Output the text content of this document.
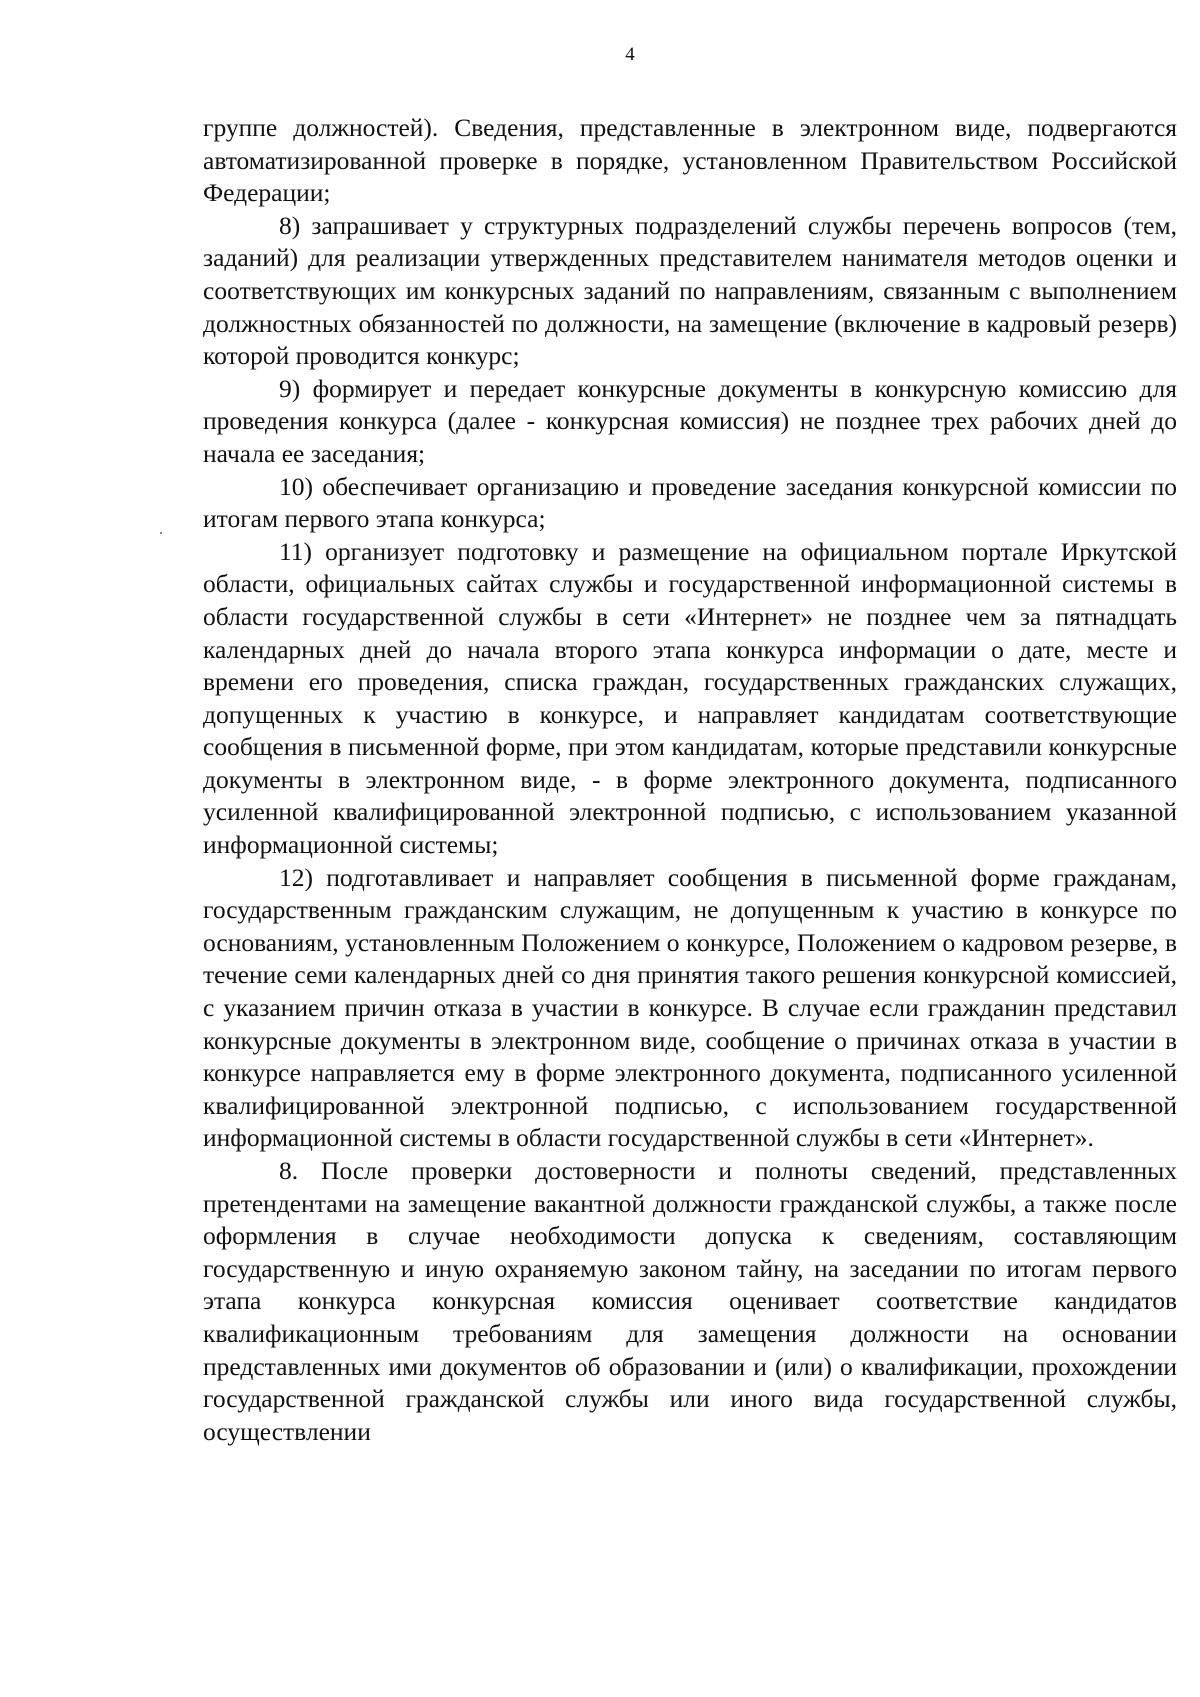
4

группе должностей). Сведения, представленные в электронном виде, подвергаются автоматизированной проверке в порядке, установленном Правительством Российской Федерации;

8) запрашивает у структурных подразделений службы перечень вопросов (тем, заданий) для реализации утвержденных представителем нанимателя методов оценки и соответствующих им конкурсных заданий по направлениям, связанным с выполнением должностных обязанностей по должности, на замещение (включение в кадровый резерв) которой проводится конкурс;

9) формирует и передает конкурсные документы в конкурсную комиссию для проведения конкурса (далее - конкурсная комиссия) не позднее трех рабочих дней до начала ее заседания;

10) обеспечивает организацию и проведение заседания конкурсной комиссии по итогам первого этапа конкурса;

11) организует подготовку и размещение на официальном портале Иркутской области, официальных сайтах службы и государственной информационной системы в области государственной службы в сети «Интернет» не позднее чем за пятнадцать календарных дней до начала второго этапа конкурса информации о дате, месте и времени его проведения, списка граждан, государственных гражданских служащих, допущенных к участию в конкурсе, и направляет кандидатам соответствующие сообщения в письменной форме, при этом кандидатам, которые представили конкурсные документы в электронном виде, - в форме электронного документа, подписанного усиленной квалифицированной электронной подписью, с использованием указанной информационной системы;

12) подготавливает и направляет сообщения в письменной форме гражданам, государственным гражданским служащим, не допущенным к участию в конкурсе по основаниям, установленным Положением о конкурсе, Положением о кадровом резерве, в течение семи календарных дней со дня принятия такого решения конкурсной комиссией, с указанием причин отказа в участии в конкурсе. В случае если гражданин представил конкурсные документы в электронном виде, сообщение о причинах отказа в участии в конкурсе направляется ему в форме электронного документа, подписанного усиленной квалифицированной электронной подписью, с использованием государственной информационной системы в области государственной службы в сети «Интернет».

8. После проверки достоверности и полноты сведений, представленных претендентами на замещение вакантной должности гражданской службы, а также после оформления в случае необходимости допуска к сведениям, составляющим государственную и иную охраняемую законом тайну, на заседании по итогам первого этапа конкурса конкурсная комиссия оценивает соответствие кандидатов квалификационным требованиям для замещения должности на основании представленных ими документов об образовании и (или) о квалификации, прохождении государственной гражданской службы или иного вида государственной службы, осуществлении
